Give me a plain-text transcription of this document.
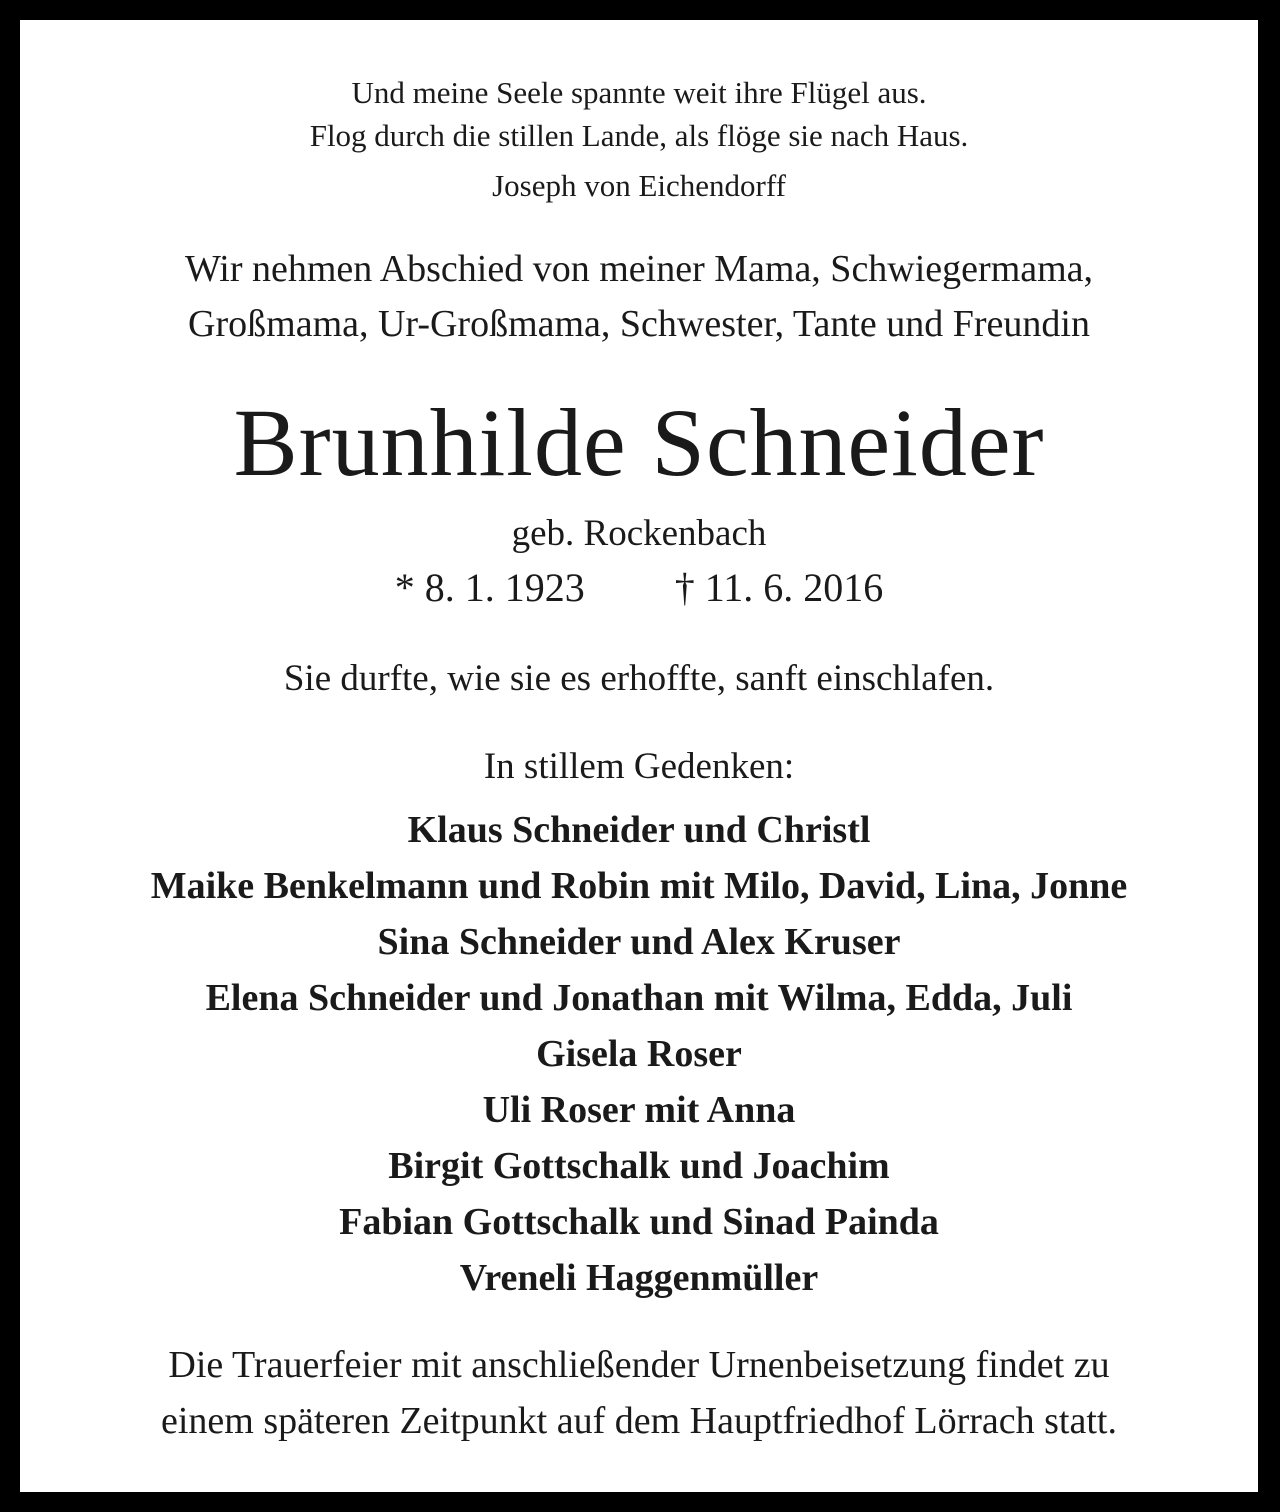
Und meine Seele spannte weit ihre Flügel aus.
Flog durch die stillen Lande, als flöge sie nach Haus.
Joseph von Eichendorff
Wir nehmen Abschied von meiner Mama, Schwiegermama,
Großmama, Ur-Großmama, Schwester, Tante und Freundin
Brunhilde Schneider
geb. Rockenbach
* 8. 1. 1923 † 11. 6. 2016
Sie durfte, wie sie es erhoffte, sanft einschlafen.
In stillem Gedenken:
Klaus Schneider und Christl
Maike Benkelmann und Robin mit Milo, David, Lina, Jonne
Sina Schneider und Alex Kruser
Elena Schneider und Jonathan mit Wilma, Edda, Juli
Gisela Roser
Uli Roser mit Anna
Birgit Gottschalk und Joachim
Fabian Gottschalk und Sinad Painda
Vreneli Haggenmüller
Die Trauerfeier mit anschließender Urnenbeisetzung findet zu
einem späteren Zeitpunkt auf dem Hauptfriedhof Lörrach statt.
